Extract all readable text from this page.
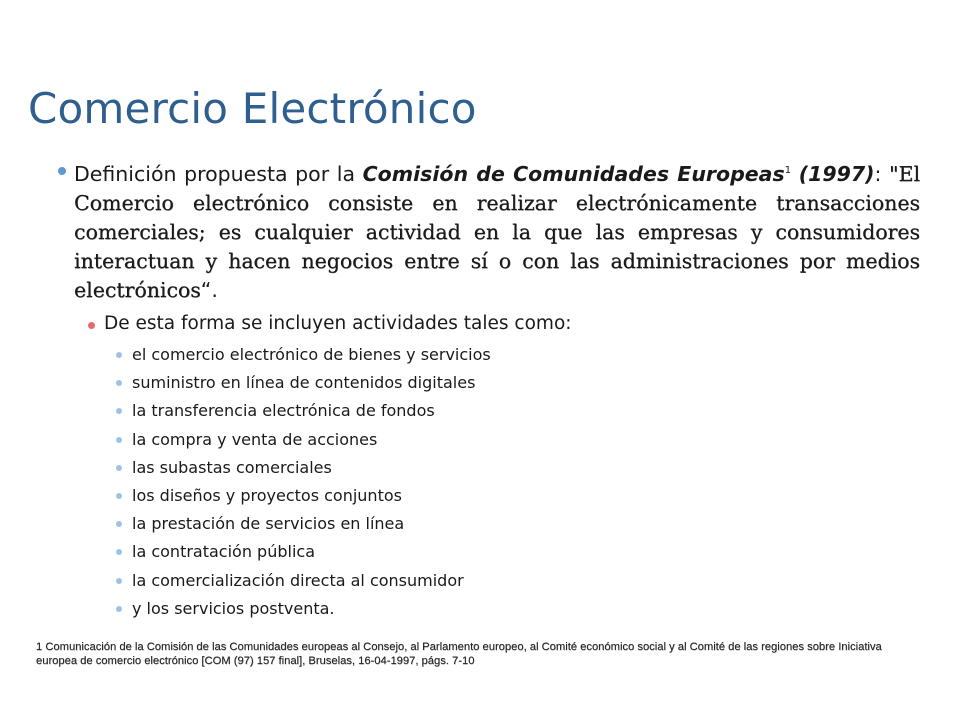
Comercio Electrónico
Definición propuesta por la Comisión de Comunidades Europeas$^1$ (1997): "El Comercio electrónico consiste en realizar electrónicamente transacciones comerciales; es cualquier actividad en la que las empresas y consumidores interactuan y hacen negocios entre sí o con las administraciones por medios electrónicos“.
De esta forma se incluyen actividades tales como:
el comercio electrónico de bienes y servicios
suministro en línea de contenidos digitales
la transferencia electrónica de fondos
la compra y venta de acciones
las subastas comerciales
los diseños y proyectos conjuntos
la prestación de servicios en línea
la contratación pública
la comercialización directa al consumidor
y los servicios postventa.
1 Comunicación de la Comisión de las Comunidades europeas al Consejo, al Parlamento europeo, al Comité económico social y al Comité de las regiones sobre Iniciativa europea de comercio electrónico [COM (97) 157 final], Bruselas, 16-04-1997, págs. 7-10
